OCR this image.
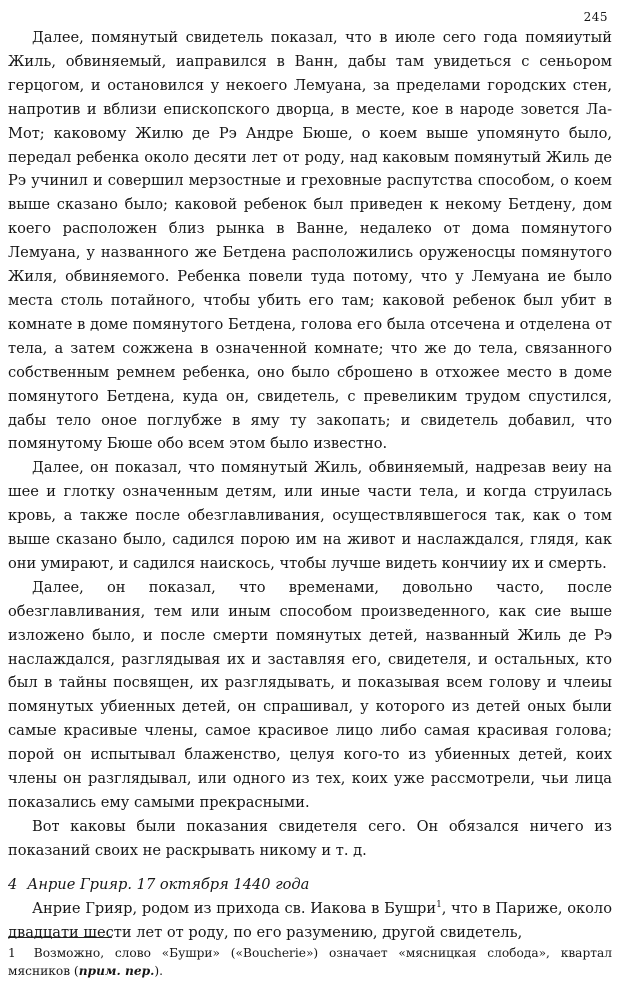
245

Далее, помянутый свидетель показал, что в июле сего года помяиутый Жиль, обвиняемый, иаправился в Ванн, дабы там увидеться с сеньором герцогом, и остановился у некоего Лемуана, за пределами городских стен, напротив и вблизи епископского дворца, в месте, кое в народе зовется Ла-Мот; каковому Жилю де Рэ Андре Бюше, о коем выше упомянуто было, передал ребенка около десяти лет от роду, над каковым помянутый Жиль де Рэ учинил и совершил мерзостные и греховные распутства способом, о коем выше сказано было; каковой ребенок был приведен к некому Бетдену, дом коего расположен близ рынка в Ванне, недалеко от дома помянутого Лемуана, у названного же Бетдена расположились оруженосцы помянутого Жиля, обвиняемого. Ребенка повели туда потому, что у Лемуана ие было места столь потайного, чтобы убить его там; каковой ребенок был убит в комнате в доме помянутого Бетдена, голова его была отсечена и отделена от тела, а затем сожжена в означенной комнате; что же до тела, связанного собственным ремнем ребенка, оно было сброшено в отхожее место в доме помянутого Бетдена, куда он, свидетель, с превеликим трудом спустился, дабы тело оное поглубже в яму ту закопать; и свидетель добавил, что помянутому Бюше обо всем этом было известно.

Далее, он показал, что помянутый Жиль, обвиняемый, надрезав веиу на шее и глотку означенным детям, или иные части тела, и когда струилась кровь, а также после обезглавливания, осуществлявшегося так, как о том выше сказано было, садился порою им на живот и наслаждался, глядя, как они умирают, и садился наискось, чтобы лучше видеть кончииу их и смерть.

Далее, он показал, что временами, довольно часто, после обезглавливания, тем или иным способом произведенного, как сие выше изложено было, и после смерти помянутых детей, названный Жиль де Рэ наслаждался, разглядывая их и заставляя его, свидетеля, и остальных, кто был в тайны посвящен, их разглядывать, и показывая всем голову и члеиы помянутых убиенных детей, он спрашивал, у которого из детей оных были самые красивые члены, самое красивое лицо либо самая красивая голова; порой он испытывал блаженство, целуя кого-то из убиенных детей, коих члены он разглядывал, или одного из тех, коих уже рассмотрели, чьи лица показались ему самыми прекрасными.

Вот каковы были показания свидетеля сего. Он обязался ничего из показаний своих не раскрывать никому и т. д.

4 Анрие Грияр. 17 октября 1440 года

Анрие Грияр, родом из прихода св. Иакова в Бушри$^1$, что в Париже, около двадцати шести лет от роду, по его разумению, другой свидетель,

1 Возможно, слово «Бушри» («Boucherie») означает «мясницкая слобода», квартал мясников (прим. пер.).
